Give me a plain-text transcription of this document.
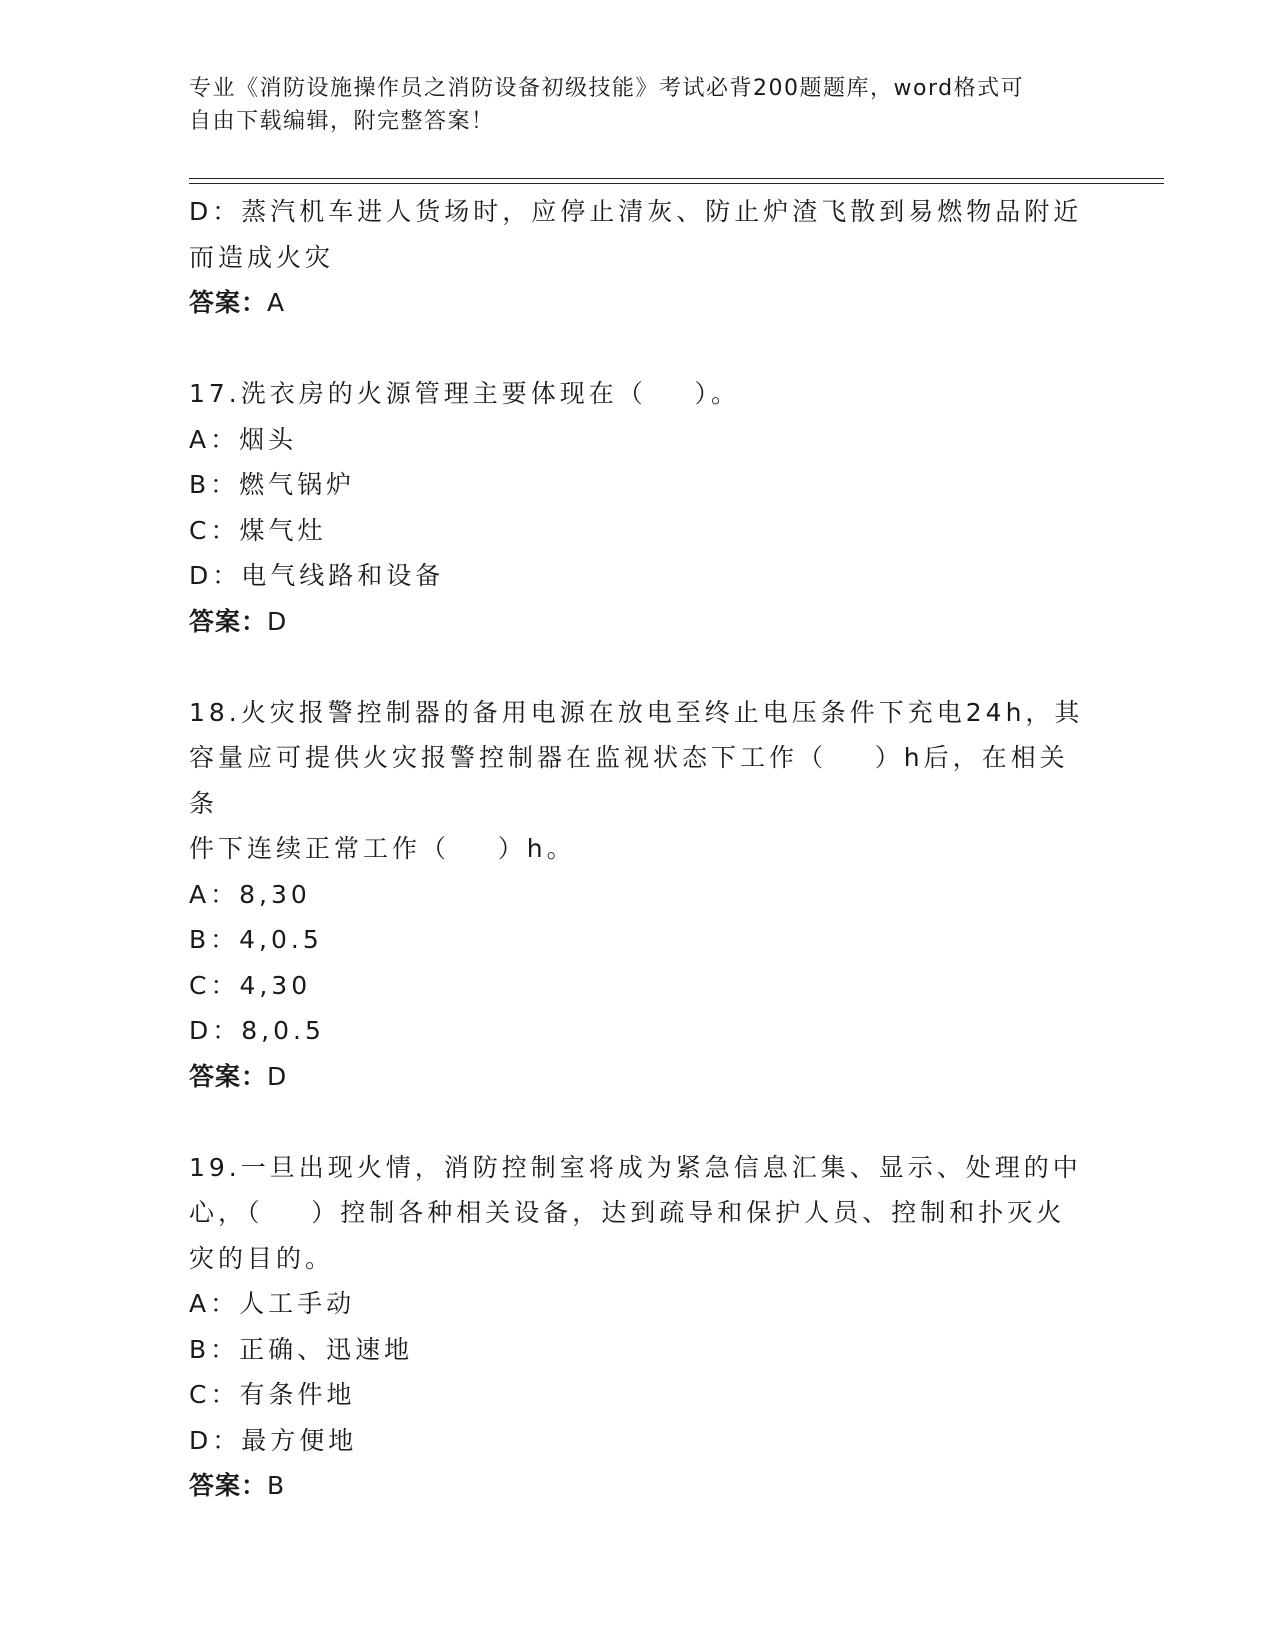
专业《消防设施操作员之消防设备初级技能》考试必背200题题库，word格式可
自由下载编辑，附完整答案！
D：蒸汽机车进人货场时，应停止清灰、防止炉渣飞散到易燃物品附近
而造成火灾
答案：A
17.洗衣房的火源管理主要体现在（    ）。
A：烟头
B：燃气锅炉
C：煤气灶
D：电气线路和设备
答案：D
18.火灾报警控制器的备用电源在放电至终止电压条件下充电24h，其
容量应可提供火灾报警控制器在监视状态下工作（    ）h后，在相关条
件下连续正常工作（    ）h。
A：8,30
B：4,0.5
C：4,30
D：8,0.5
答案：D
19.一旦出现火情，消防控制室将成为紧急信息汇集、显示、处理的中
心，（    ）控制各种相关设备，达到疏导和保护人员、控制和扑灭火
灾的目的。
A：人工手动
B：正确、迅速地
C：有条件地
D：最方便地
答案：B
